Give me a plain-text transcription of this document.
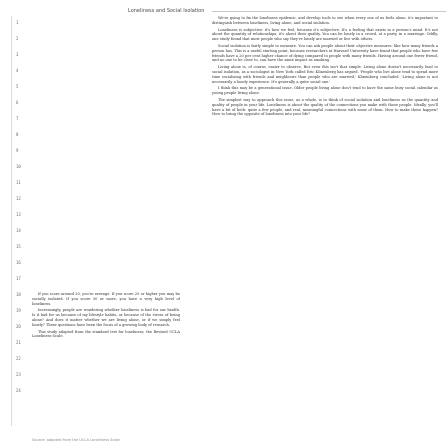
Loneliness and Social Isolation
1
2
3
4
5
6
7
8
9
10
11
12
13
14
15
16
17
18
19
20
21
22
23
24

If you score around 20, you're average. If you score 25 or higher you may be socially isolated. If you score 30 or more, you have a very high level of loneliness.

Increasingly, people are wondering whether loneliness is bad for our health. Is it bad for us because of my lifestyle habits, or because of the stress of being alone? And does it matter whether we are living alone, or if we simply feel lonely? These questions have been the focus of a growing body of research.

This study adapted from the standard test for loneliness, the Revised UCLA Loneliness Scale.

We're going to fix the loneliness epidemic, and develop tools to see when every one of us feels alone, it's important to distinguish between loneliness, living alone, and social isolation.

Loneliness is subjective: it's how we feel, because it's subjective. It's a feeling that exists in a person's mind. It's not about the quantity of relationships, it's about their quality. You can be lonely in a crowd, at a party, in a marriage. Oddly, one study found that most people who say they're lonely are married or live with others.

Social isolation is fairly simple to measure. You can ask people about their objective measures: like how many friends a person has. This is a useful starting point, because researchers at Harvard University have found that people who have few friends have a 20 per cent higher chance of dying compared to people with many friends. Having around one fewer friend, and no one to be close to, can have the same impact as smoking.

Living alone is, of course, easier to observe. But even this isn't that simple. Living alone doesn't necessarily lead to social isolation, as a sociologist in New York called Eric Klinenberg has argued. 'People who live alone tend to spend more time socialising with friends and neighbours than people who are married,' Klinenberg concluded. 'Living alone is not necessarily a lonely experience. It's generally a quite social one.'

I think this may be a generational issue. Older people living alone don't tend to have the same busy social calendar as young people living alone.

The simplest way to approach this issue, as a whole, is to think of social isolation and loneliness as the quantity and quality of people in your life. Loneliness is about the quality of the connections you make with those people. Ideally, you'll have a bit of both: quite a few people, and real, meaningful connections with some of them. How to make those happen? How to bring the opposite of loneliness into your life?

Source: adapted from the UCLA Loneliness Scale
